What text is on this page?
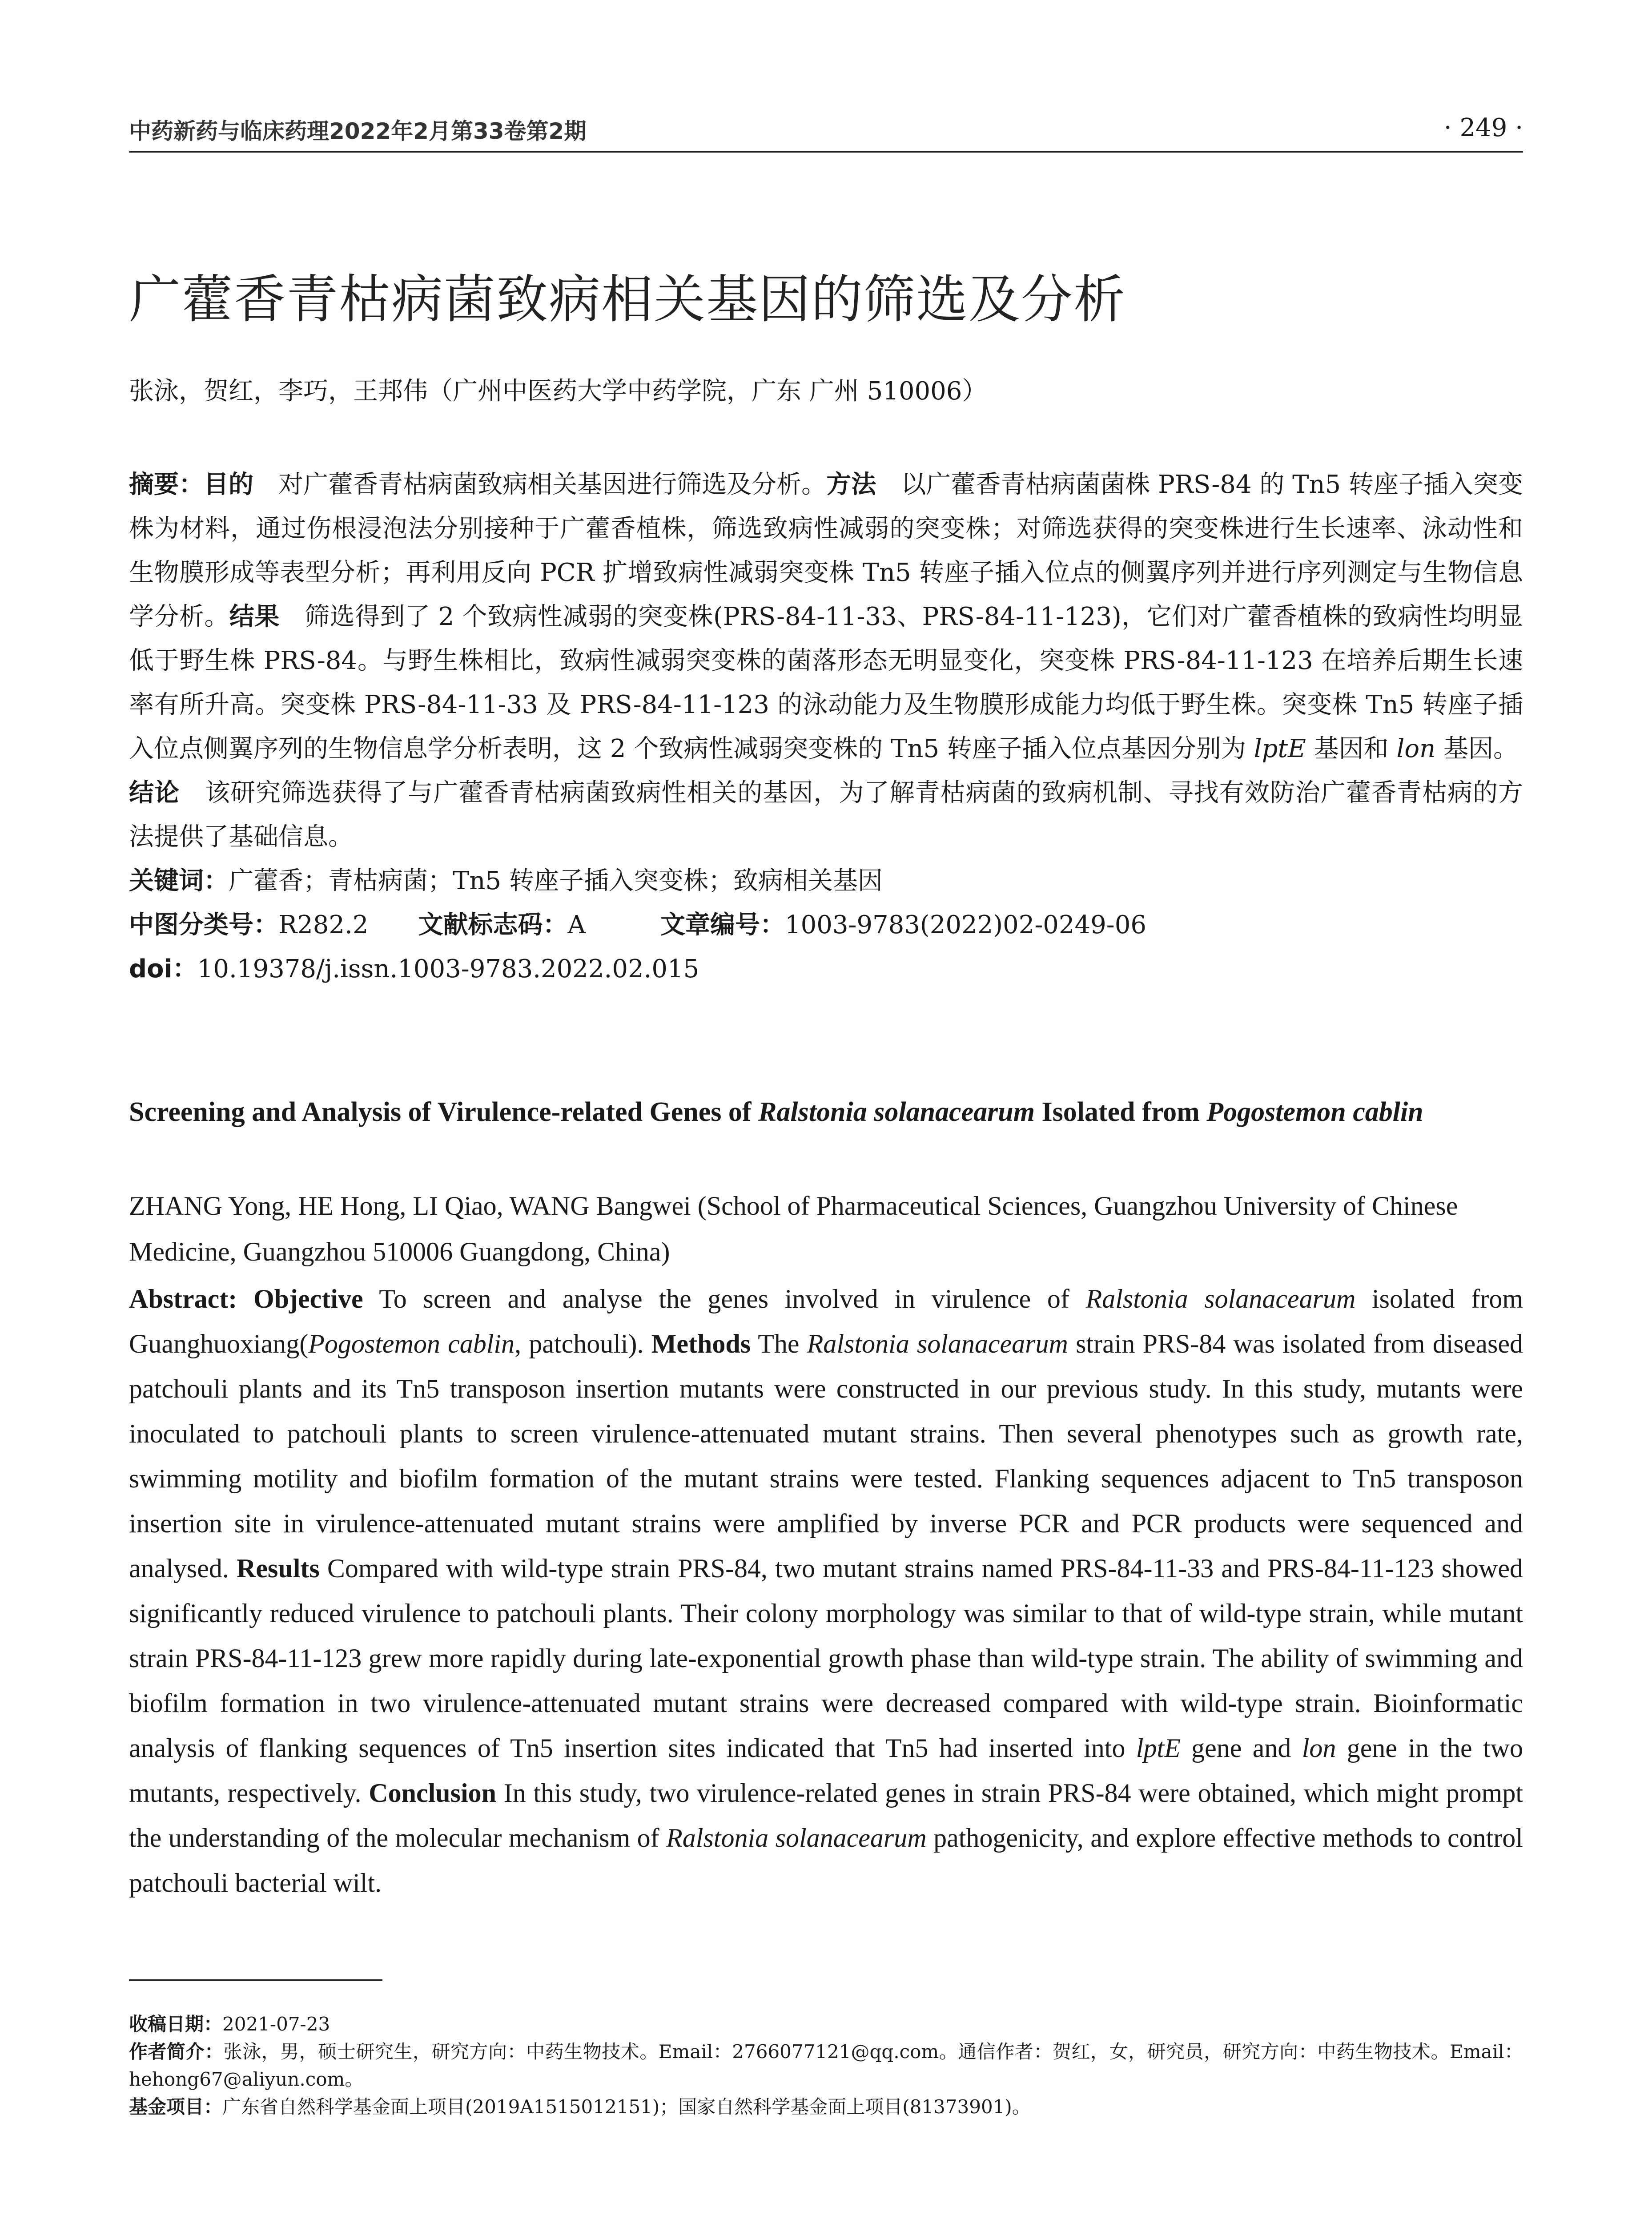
中药新药与临床药理2022年2月第33卷第2期	· 249 ·
广藿香青枯病菌致病相关基因的筛选及分析
张泳，贺红，李巧，王邦伟（广州中医药大学中药学院，广东 广州 510006）

摘要：目的  对广藿香青枯病菌致病相关基因进行筛选及分析。方法  以广藿香青枯病菌菌株 PRS-84 的 Tn5 转座子插入突变株为材料，通过伤根浸泡法分别接种于广藿香植株，筛选致病性减弱的突变株；对筛选获得的突变株进行生长速率、泳动性和生物膜形成等表型分析；再利用反向 PCR 扩增致病性减弱突变株 Tn5 转座子插入位点的侧翼序列并进行序列测定与生物信息学分析。结果  筛选得到了 2 个致病性减弱的突变株(PRS-84-11-33、PRS-84-11-123)，它们对广藿香植株的致病性均明显低于野生株 PRS-84。与野生株相比，致病性减弱突变株的菌落形态无明显变化，突变株 PRS-84-11-123 在培养后期生长速率有所升高。突变株 PRS-84-11-33 及 PRS-84-11-123 的泳动能力及生物膜形成能力均低于野生株。突变株 Tn5 转座子插入位点侧翼序列的生物信息学分析表明，这 2 个致病性减弱突变株的 Tn5 转座子插入位点基因分别为 lptE 基因和 lon 基因。

结论  该研究筛选获得了与广藿香青枯病菌致病性相关的基因，为了解青枯病菌的致病机制、寻找有效防治广藿香青枯病的方法提供了基础信息。

关键词：广藿香；青枯病菌；Tn5 转座子插入突变株；致病相关基因

中图分类号：R282.2   文献标志码：A   	文章编号：1003-9783(2022)02-0249-06

doi：10.19378/j.issn.1003-9783.2022.02.015

Screening and Analysis of Virulence-related Genes of Ralstonia solanacearum Isolated from Pogostemon cablin
ZHANG Yong, HE Hong, LI Qiao, WANG Bangwei (School of Pharmaceutical Sciences, Guangzhou University of Chinese Medicine, Guangzhou 510006 Guangdong, China)
Abstract: Objective To screen and analyse the genes involved in virulence of Ralstonia solanacearum isolated from Guanghuoxiang(Pogostemon cablin, patchouli). Methods The Ralstonia solanacearum strain PRS-84 was isolated from diseased patchouli plants and its Tn5 transposon insertion mutants were constructed in our previous study. In this study, mutants were inoculated to patchouli plants to screen virulence-attenuated mutant strains. Then several phenotypes such as growth rate, swimming motility and biofilm formation of the mutant strains were tested. Flanking sequences adjacent to Tn5 transposon insertion site in virulence-attenuated mutant strains were amplified by inverse PCR and PCR products were sequenced and analysed. Results Compared with wild-type strain PRS-84, two mutant strains named PRS-84-11-33 and PRS-84-11-123 showed significantly reduced virulence to patchouli plants. Their colony morphology was similar to that of wild-type strain, while mutant strain PRS-84-11-123 grew more rapidly during late-exponential growth phase than wild-type strain. The ability of swimming and biofilm formation in two virulence-attenuated mutant strains were decreased compared with wild-type strain. Bioinformatic analysis of flanking sequences of Tn5 insertion sites indicated that Tn5 had inserted into lptE gene and lon gene in the two mutants, respectively. Conclusion In this study, two virulence-related genes in strain PRS-84 were obtained, which might prompt the understanding of the molecular mechanism of Ralstonia solanacearum pathogenicity, and explore effective methods to control patchouli bacterial wilt.

收稿日期：2021-07-23

作者简介：张泳，男，硕士研究生，研究方向：中药生物技术。Email：2766077121@qq.com。通信作者：贺红，女，研究员，研究方向：中药生物技术。Email：hehong67@aliyun.com。

基金项目：广东省自然科学基金面上项目(2019A1515012151)；国家自然科学基金面上项目(81373901)。
